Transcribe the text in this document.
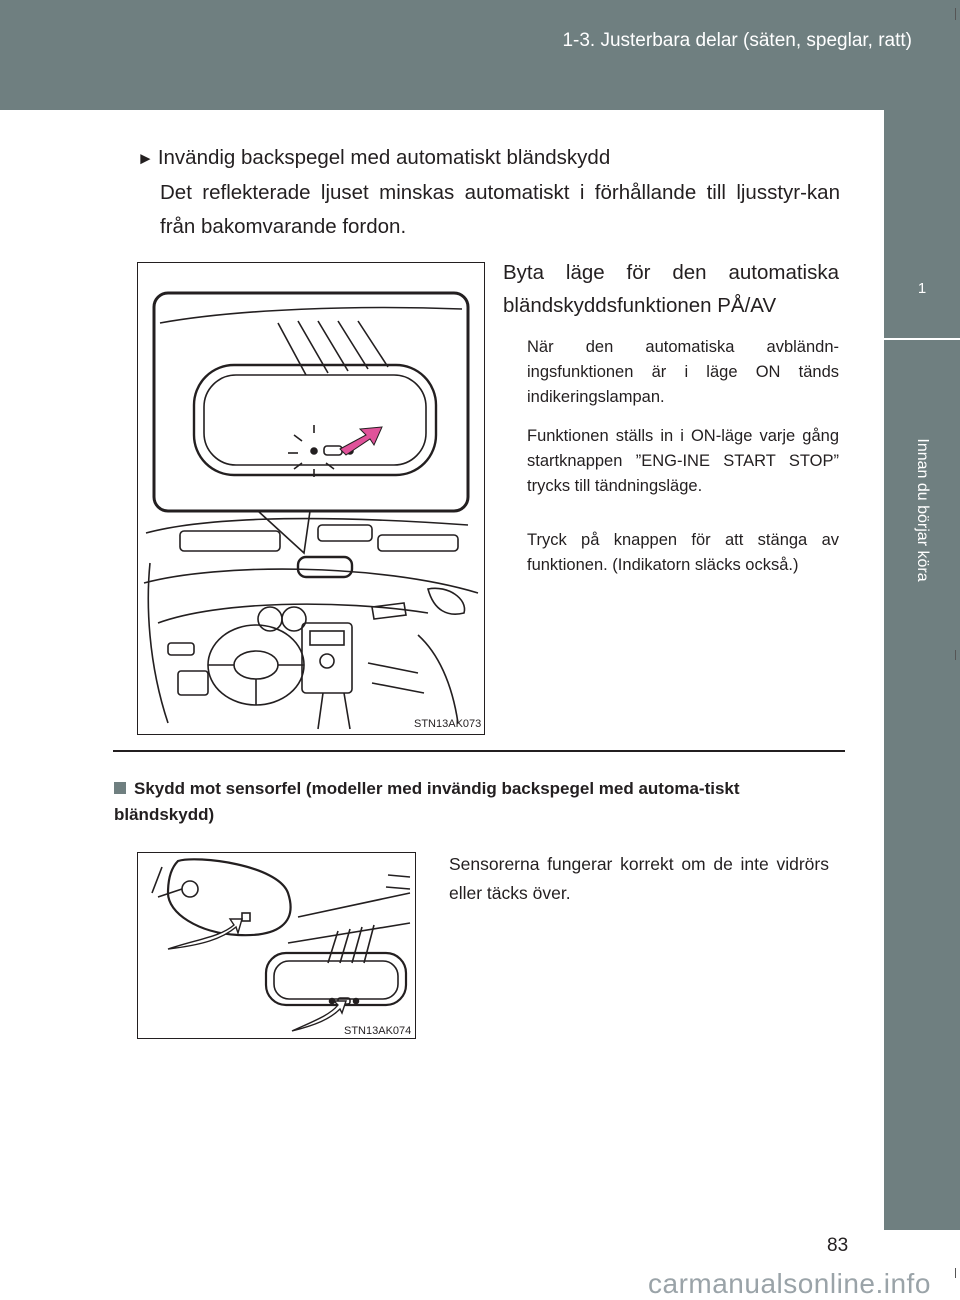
1-3. Justerbara delar (säten, speglar, ratt)
1
Innan du börjar köra
► Invändig backspegel med automatiskt bländskydd
Det reflekterade ljuset minskas automatiskt i förhållande till ljusstyr-kan från bakomvarande fordon.
STN13AK073
Byta läge för den automatiska bländskyddsfunktionen PÅ/AV
När den automatiska avbländn-ingsfunktionen är i läge ON tänds indikeringslampan.
Funktionen ställs in i ON-läge varje gång startknappen ”ENG-INE START STOP” trycks till tändningsläge.
Tryck på knappen för att stänga av funktionen. (Indikatorn släcks också.)
Skydd mot sensorfel (modeller med invändig backspegel med automa-tiskt bländskydd)
STN13AK074
Sensorerna fungerar korrekt om de inte vidrörs eller täcks över.
83
carmanualsonline.info
